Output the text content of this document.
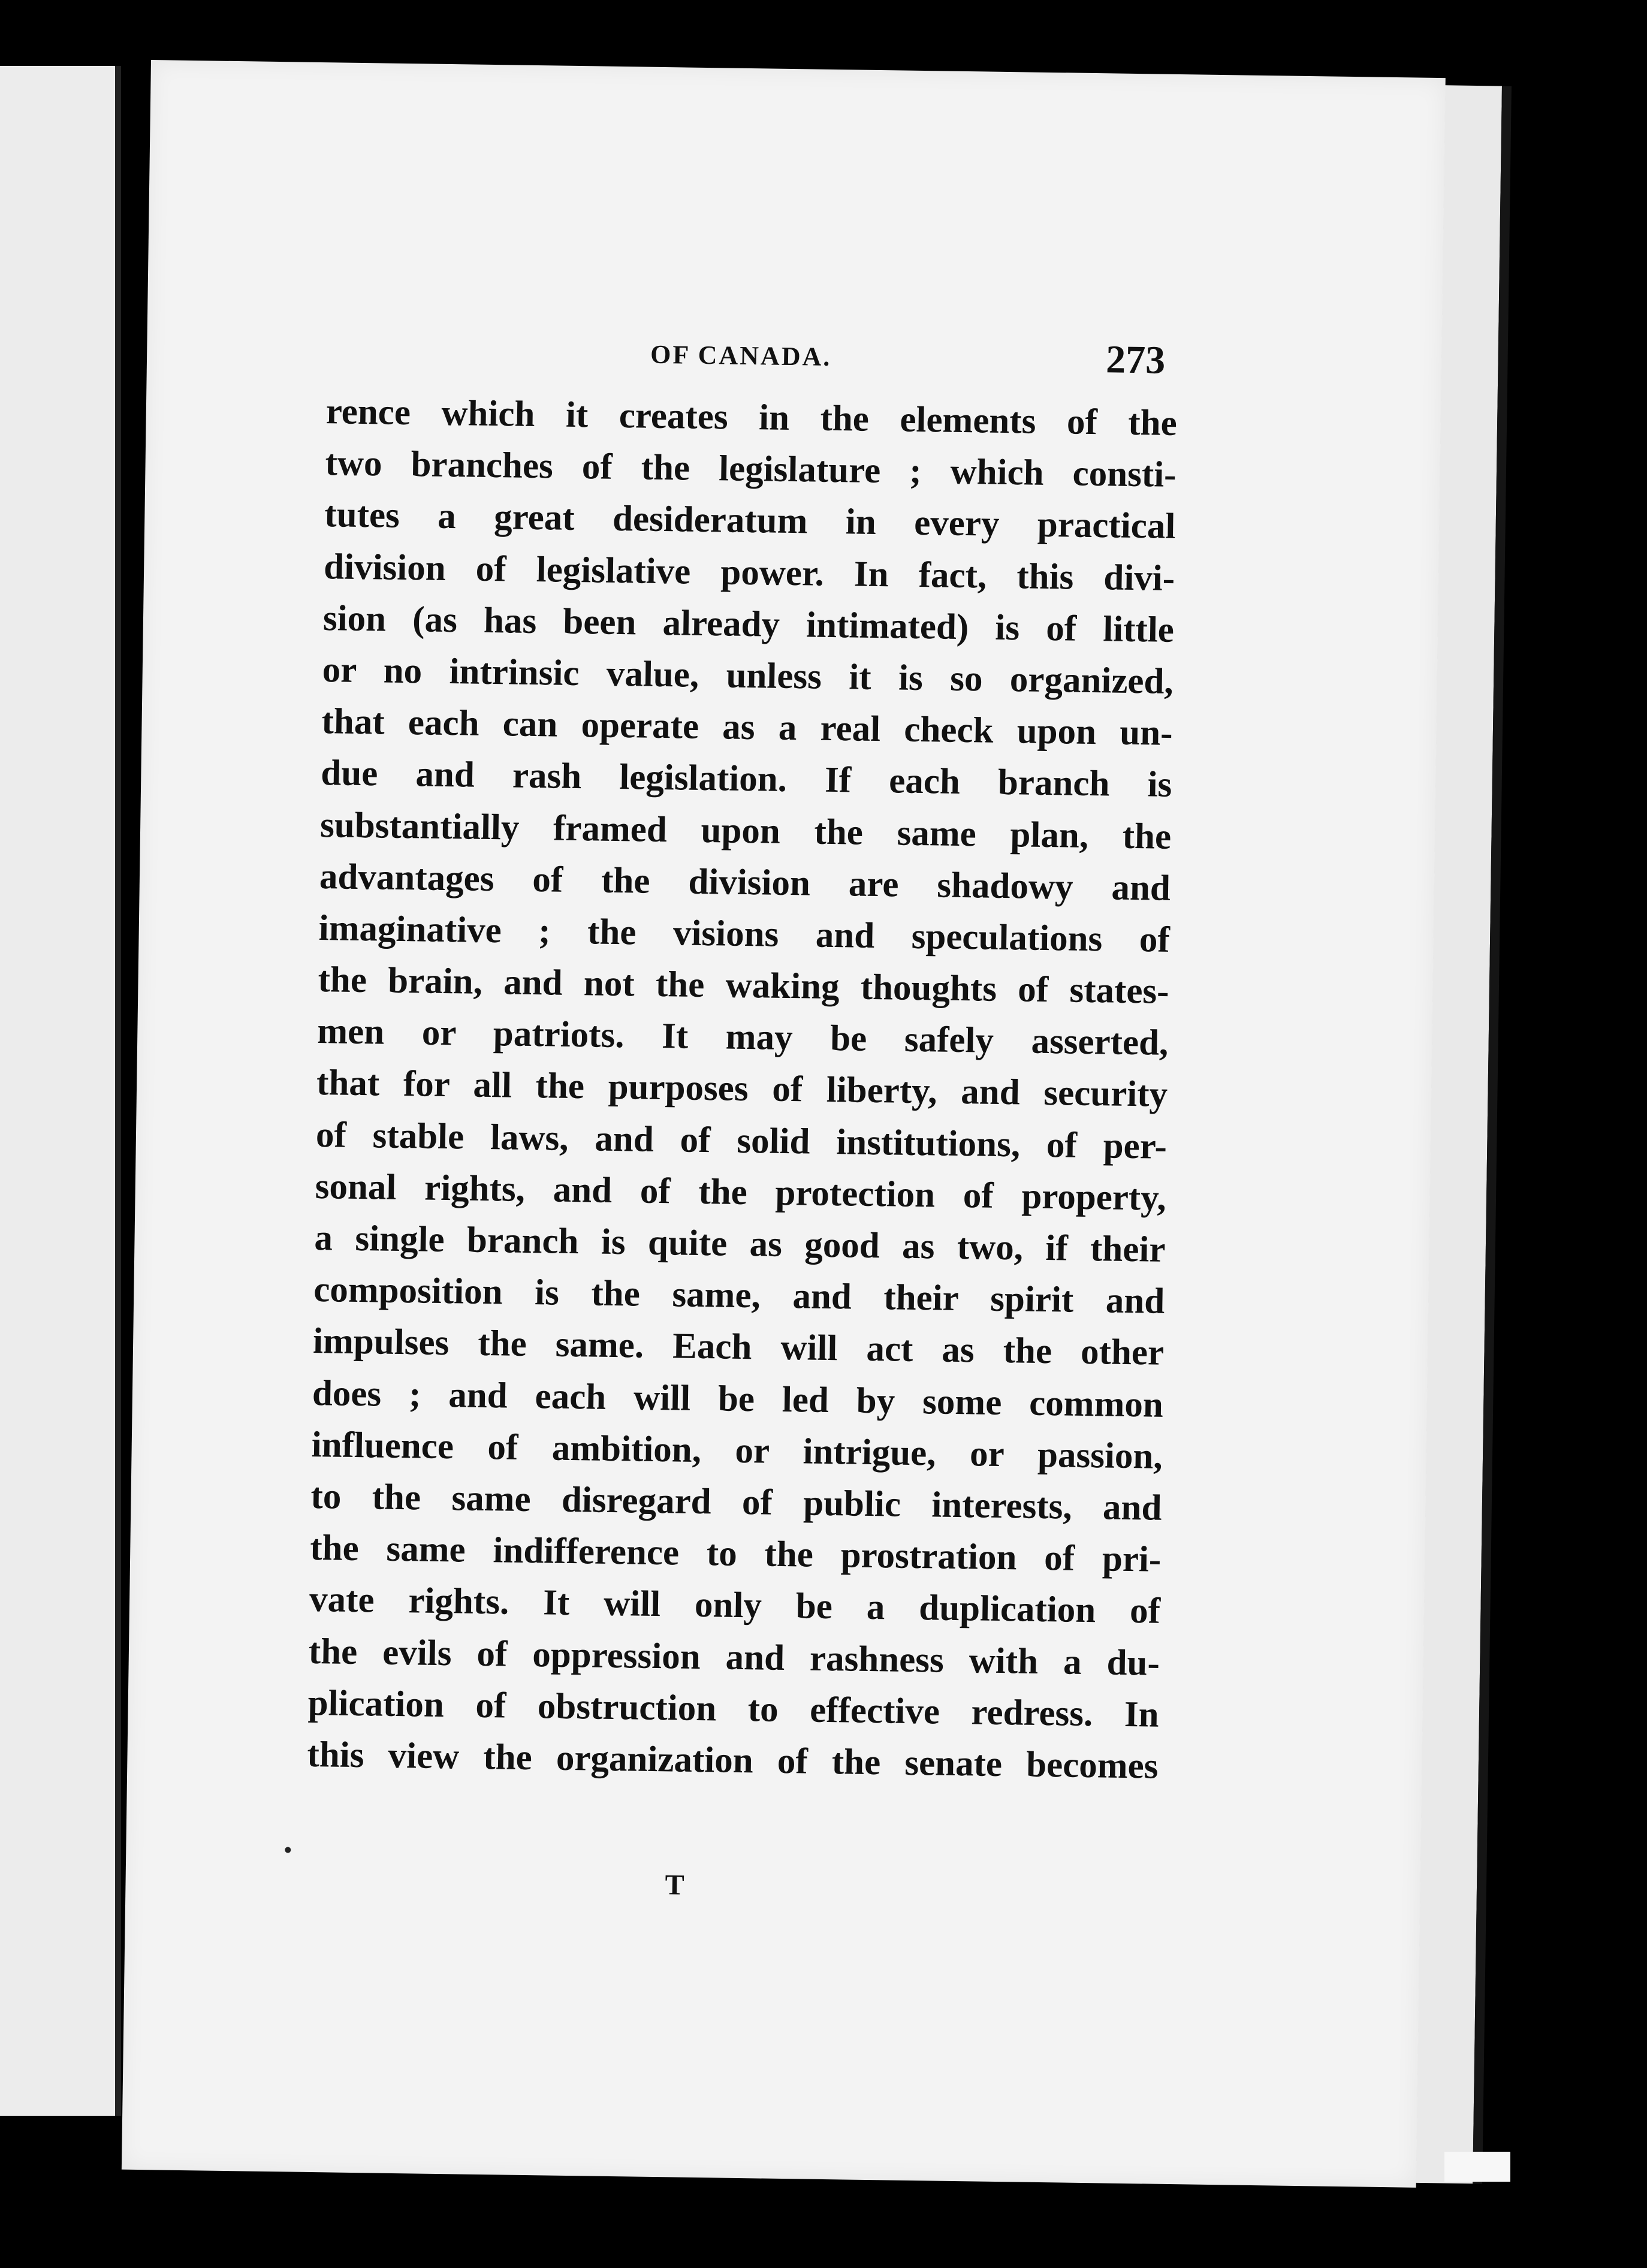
OF CANADA.	273
rence which it creates in the elements of the
two branches of the legislature ; which consti-
tutes a great desideratum in every practical
division of legislative power. In fact, this divi-
sion (as has been already intimated) is of little
or no intrinsic value, unless it is so organized,
that each can operate as a real check upon un-
due and rash legislation. If each branch is
substantially framed upon the same plan, the
advantages of the division are shadowy and
imaginative ; the visions and speculations of
the brain, and not the waking thoughts of states-
men or patriots. It may be safely asserted,
that for all the purposes of liberty, and security
of stable laws, and of solid institutions, of per-
sonal rights, and of the protection of property,
a single branch is quite as good as two, if their
composition is the same, and their spirit and
impulses the same. Each will act as the other
does ; and each will be led by some common
influence of ambition, or intrigue, or passion,
to the same disregard of public interests, and
the same indifference to the prostration of pri-
vate rights. It will only be a duplication of
the evils of oppression and rashness with a du-
plication of obstruction to effective redress. In
this view the organization of the senate becomes
T
